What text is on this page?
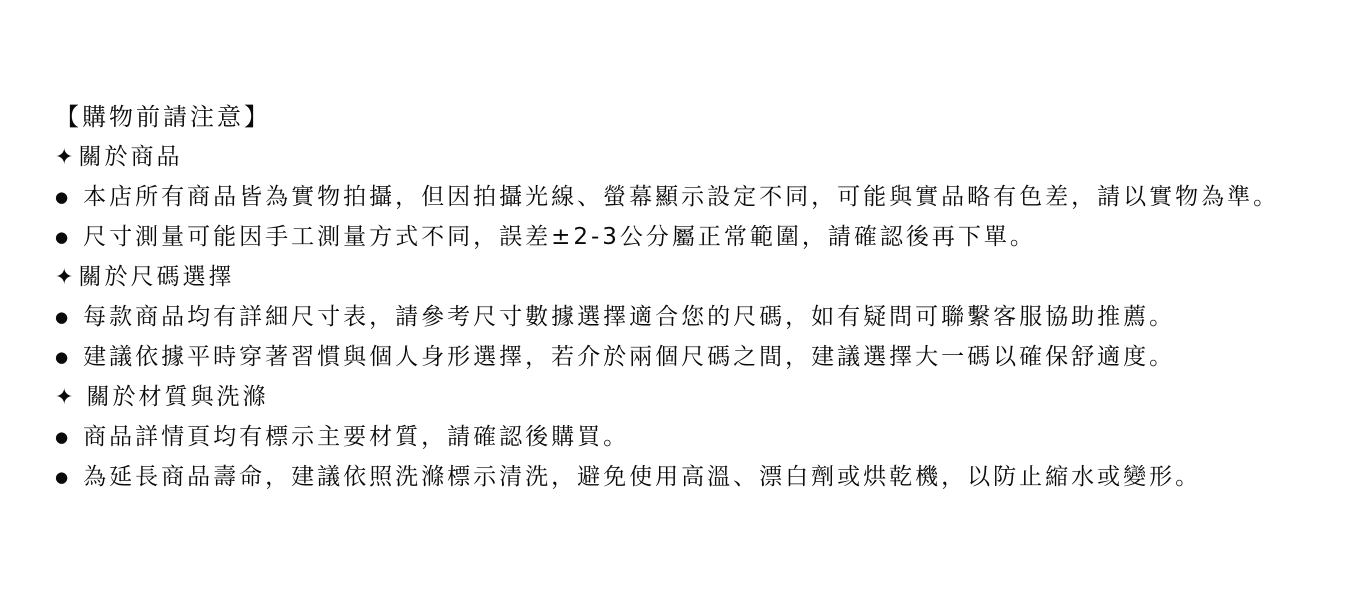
【購物前請注意】
✦關於商品
● 本店所有商品皆為實物拍攝，但因拍攝光線、螢幕顯示設定不同，可能與實品略有色差，請以實物為準。
● 尺寸測量可能因手工測量方式不同，誤差±2-3公分屬正常範圍，請確認後再下單。
✦關於尺碼選擇
● 每款商品均有詳細尺寸表，請參考尺寸數據選擇適合您的尺碼，如有疑問可聯繫客服協助推薦。
● 建議依據平時穿著習慣與個人身形選擇，若介於兩個尺碼之間，建議選擇大一碼以確保舒適度。
✦ 關於材質與洗滌
● 商品詳情頁均有標示主要材質，請確認後購買。
● 為延長商品壽命，建議依照洗滌標示清洗，避免使用高溫、漂白劑或烘乾機，以防止縮水或變形。
